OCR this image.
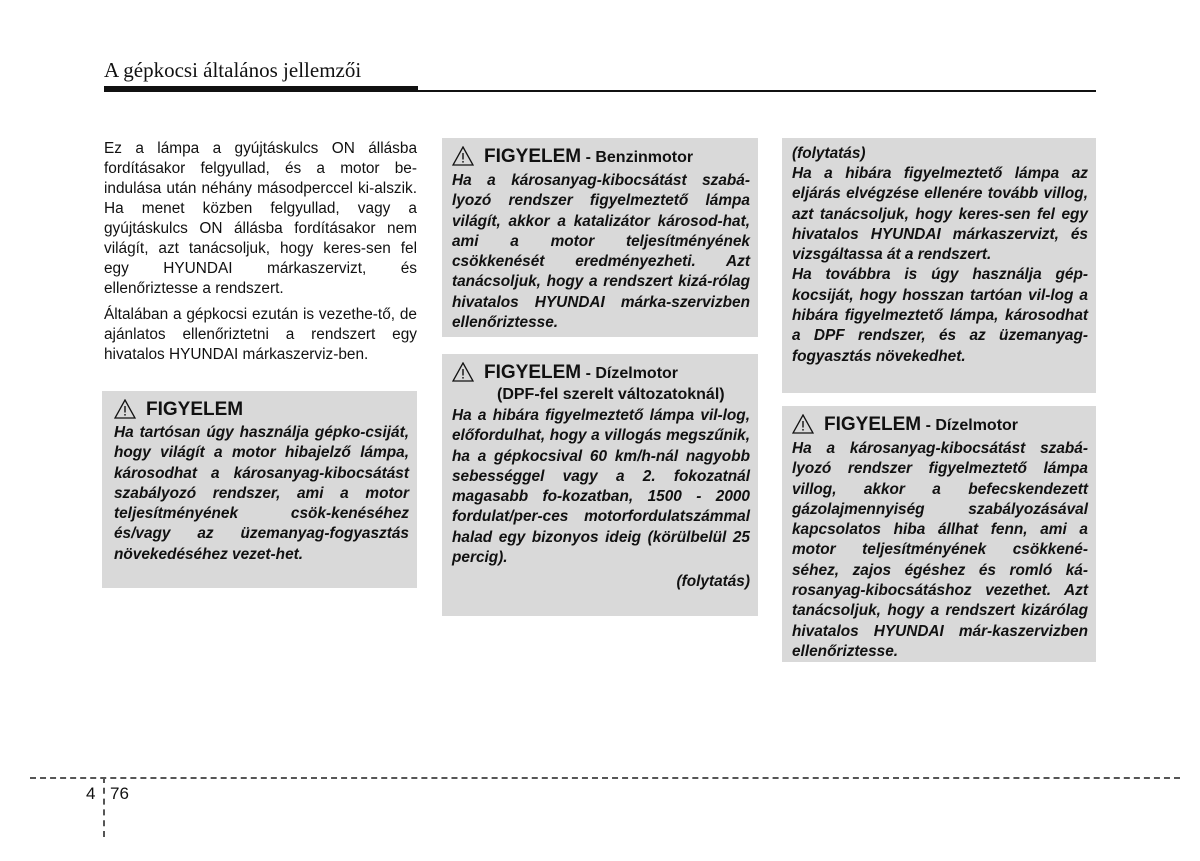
A gépkocsi általános jellemzői

Ez a lámpa a gyújtáskulcs ON állásba fordításakor felgyullad, és a motor be-indulása után néhány másodperccel ki-alszik. Ha menet közben felgyullad, vagy a gyújtáskulcs ON állásba fordításakor nem világít, azt tanácsoljuk, hogy keres-sen fel egy HYUNDAI márkaszervizt, és ellenőriztesse a rendszert.

Általában a gépkocsi ezután is vezethe-tő, de ajánlatos ellenőriztetni a rendszert egy hivatalos HYUNDAI márkaszerviz-ben.

FIGYELEM

Ha tartósan úgy használja gépko-csiját, hogy világít a motor hibajelző lámpa, károsodhat a károsanyag-kibocsátást szabályozó rendszer, ami a motor teljesítményének csök-kenéséhez és/vagy az üzemanyag-fogyasztás növekedéséhez vezet-het.

FIGYELEM - Benzinmotor

Ha a károsanyag-kibocsátást szabá-lyozó rendszer figyelmeztető lámpa világít, akkor a katalizátor károsod-hat, ami a motor teljesítményének csökkenését eredményezheti. Azt tanácsoljuk, hogy a rendszert kizá-rólag hivatalos HYUNDAI márka-szervizben ellenőriztesse.

FIGYELEM - Dízelmotor
(DPF-fel szerelt változatoknál)

Ha a hibára figyelmeztető lámpa vil-log, előfordulhat, hogy a villogás megszűnik, ha a gépkocsival 60 km/h-nál nagyobb sebességgel vagy a 2. fokozatnál magasabb fo-kozatban, 1500 - 2000 fordulat/per-ces motorfordulatszámmal halad egy bizonyos ideig (körülbelül 25 percig).

(folytatás)
(folytatás)

Ha a hibára figyelmeztető lámpa az eljárás elvégzése ellenére tovább villog, azt tanácsoljuk, hogy keres-sen fel egy hivatalos HYUNDAI márkaszervizt, és vizsgáltassa át a rendszert.

Ha továbbra is úgy használja gép-kocsiját, hogy hosszan tartóan vil-log a hibára figyelmeztető lámpa, károsodhat a DPF rendszer, és az üzemanyag-fogyasztás növekedhet.

FIGYELEM - Dízelmotor

Ha a károsanyag-kibocsátást szabá-lyozó rendszer figyelmeztető lámpa villog, akkor a befecskendezett gázolajmennyiség szabályozásával kapcsolatos hiba állhat fenn, ami a motor teljesítményének csökkené-séhez, zajos égéshez és romló ká-rosanyag-kibocsátáshoz vezethet. Azt tanácsoljuk, hogy a rendszert kizárólag hivatalos HYUNDAI már-kaszervizben ellenőriztesse.

4 76
